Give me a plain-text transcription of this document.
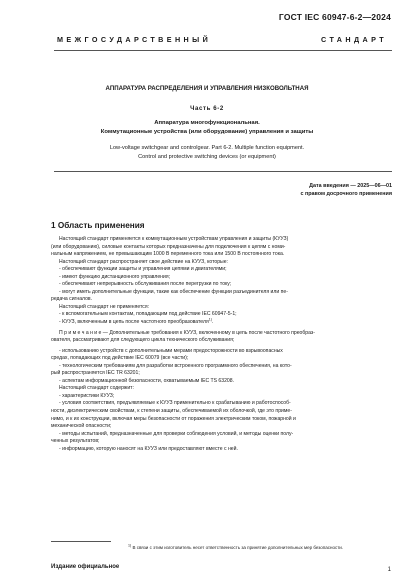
ГОСТ IEC 60947-6-2—2024
МЕЖГОСУДАРСТВЕННЫЙ СТАНДАРТ
АППАРАТУРА РАСПРЕДЕЛЕНИЯ И УПРАВЛЕНИЯ НИЗКОВОЛЬТНАЯ
Часть 6-2
Аппаратура многофункциональная.
Коммутационные устройства (или оборудование) управления и защиты
Low-voltage switchgear and controlgear. Part 6-2. Multiple function equipment.
Control and protective switching devices (or equipment)
Дата введения — 2025—06—01
с правом досрочного применения
1 Область применения
Настоящий стандарт применяется к коммутационным устройствам управления и защиты (КУУЗ)
(или оборудованию), силовые контакты которых предназначены для подключения к цепям с номи-
нальным напряжением, не превышающим 1000 В переменного тока или 1500 В постоянного тока.
Настоящий стандарт распространяет свое действие на КУУЗ, которые:
- обеспечивают функции защиты и управления цепями и двигателями;
- имеют функцию дистанционного управления;
- обеспечивают непрерывность обслуживания после перегрузки по току;
- могут иметь дополнительные функции, такие как обеспечение функции разъединителя или пе-
редача сигналов.
Настоящий стандарт не применяется:
- к вспомогательным контактам, попадающим под действие IEC 60947-5-1;
- КУУЗ, включенным в цепь после частотного преобразователя$^{1)}$.
П р и м е ч а н и е — Дополнительные требования к КУУЗ, включенному в цепь после частотного преобраз-
ователя, рассматривают для следующего цикла технического обслуживания;
- использованию устройств с дополнительными мерами предосторожности во взрывоопасных
средах, попадающих под действие IEC 60079 (все части);
- технологическим требованиям для разработки встроенного программного обеспечения, на кото-
рый распространяется IEC TR 63201;
- аспектам информационной безопасности, охватываемым IEC TS 63208.
Настоящий стандарт содержит:
- характеристики КУУЗ;
- условия соответствия, предъявляемые к КУУЗ применительно к срабатыванию и работоспособ-
ности, диэлектрическим свойствам, к степени защиты, обеспечиваемой их оболочкой, где это приме-
нимо, и к их конструкции, включая меры безопасности от поражения электрическим током, пожарной и
механической опасности;
- методы испытаний, предназначенные для проверки соблюдения условий, и методы оценки полу-
ченных результатов;
- информацию, которую наносят на КУУЗ или предоставляют вместе с ней.
$^{1)}$ В связи с этим изготовитель несет ответственность за принятие дополнительных мер безопасности.
Издание официальное	1
